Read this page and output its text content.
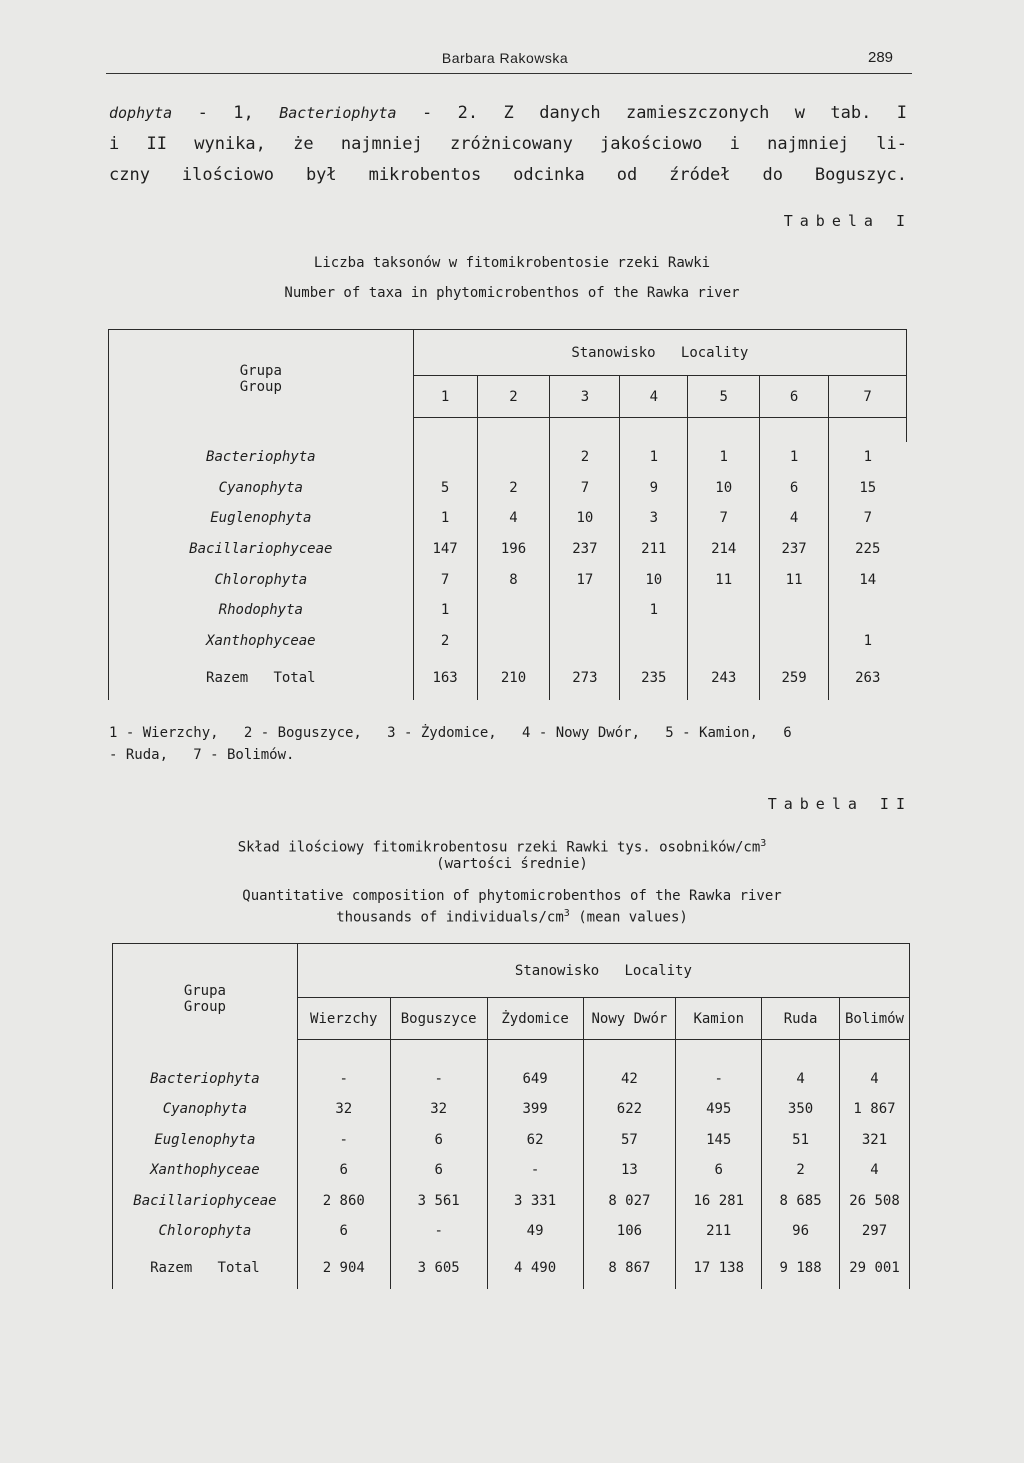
Barbara Rakowska	289
dophyta - 1, Bacteriophyta - 2. Z danych zamieszczonych w tab. I
i II wynika, że najmniej zróżnicowany jakościowo i najmniej li-
czny ilościowo był mikrobentos odcinka od źródeł do Boguszyc.
Tabela I
Liczba taksonów w fitomikrobentosie rzeki Rawki
Number of taxa in phytomicrobenthos of the Rawka river
Grupa
Group	Stanowisko   Locality						
	1	2	3	4	5	6	7

Bacteriophyta			2	1	1	1	1
Cyanophyta	5	2	7	9	10	6	15
Euglenophyta	1	4	10	3	7	4	7
Bacillariophyceae	147	196	237	211	214	237	225
Chlorophyta	7	8	17	10	11	11	14
Rhodophyta	1			1			
Xanthophyceae	2						1
Razem   Total	163	210	273	235	243	259	263
1 - Wierzchy,   2 - Boguszyce,   3 - Żydomice,   4 - Nowy Dwór,   5 - Kamion,   6
- Ruda,   7 - Bolimów.
Tabela II
Skład ilościowy fitomikrobentosu rzeki Rawki tys. osobników/$cm^3$
(wartości średnie)
Quantitative composition of phytomicrobenthos of the Rawka river
thousands of individuals/$cm^3$ (mean values)
Grupa
Group	Stanowisko   Locality						
	Wierzchy	Boguszyce	Żydomice	Nowy Dwór	Kamion	Ruda	Bolimów

Bacteriophyta	-	-	649	42	-	4	4
Cyanophyta	32	32	399	622	495	350	1 867
Euglenophyta	-	6	62	57	145	51	321
Xanthophyceae	6	6	-	13	6	2	4
Bacillariophyceae	2 860	3 561	3 331	8 027	16 281	8 685	26 508
Chlorophyta	6	-	49	106	211	96	297
Razem   Total	2 904	3 605	4 490	8 867	17 138	9 188	29 001
